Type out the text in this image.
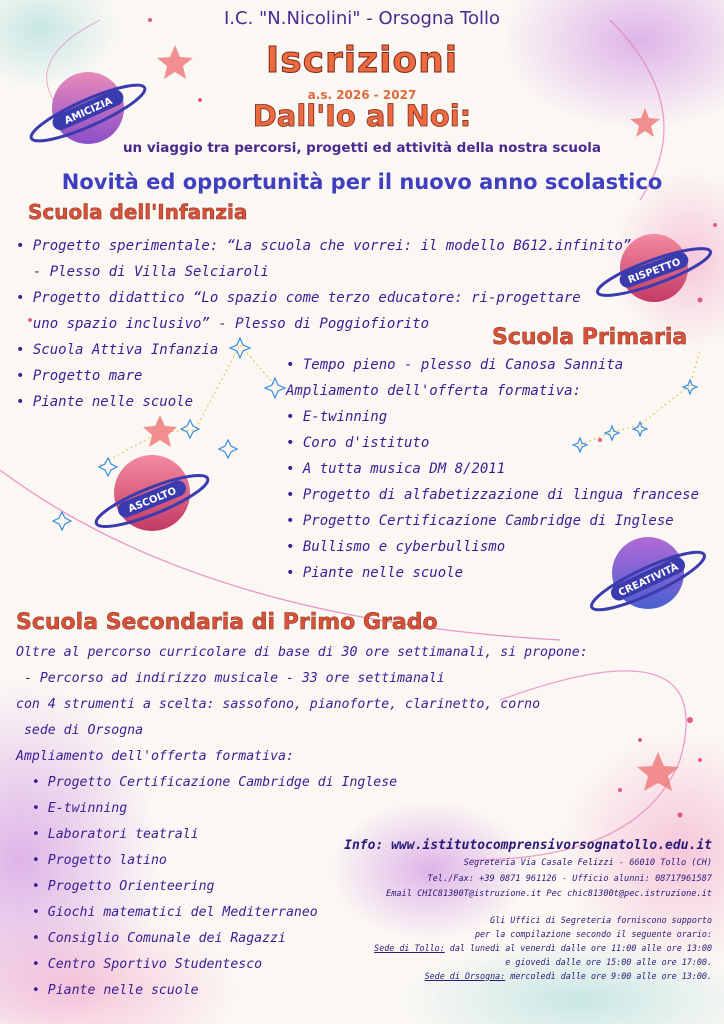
AMICIZIA
RISPETTO
ASCOLTO
CREATIVITÀ
I.C. "N.Nicolini" - Orsogna Tollo
Iscrizioni
a.s. 2026 - 2027
Dall'Io al Noi:
un viaggio tra percorsi, progetti ed attività della nostra scuola
Novità ed opportunità per il nuovo anno scolastico
Scuola dell'Infanzia
• Progetto sperimentale: “La scuola che vorrei: il modello B612.infinito”
- Plesso di Villa Selciaroli
• Progetto didattico “Lo spazio come terzo educatore: ri-progettare
uno spazio inclusivo” - Plesso di Poggiofiorito
• Scuola Attiva Infanzia
• Progetto mare
• Piante nelle scuole
Scuola Primaria
• Tempo pieno - plesso di Canosa Sannita
Ampliamento dell'offerta formativa:
• E-twinning
• Coro d'istituto
• A tutta musica DM 8/2011
• Progetto di alfabetizzazione di lingua francese
• Progetto Certificazione Cambridge di Inglese
• Bullismo e cyberbullismo
• Piante nelle scuole
Scuola Secondaria di Primo Grado
Oltre al percorso curricolare di base di 30 ore settimanali, si propone:
- Percorso ad indirizzo musicale - 33 ore settimanali
con 4 strumenti a scelta: sassofono, pianoforte, clarinetto, corno
sede di Orsogna
Ampliamento dell'offerta formativa:
• Progetto Certificazione Cambridge di Inglese
• E-twinning
• Laboratori teatrali
• Progetto latino
• Progetto Orienteering
• Giochi matematici del Mediterraneo
• Consiglio Comunale dei Ragazzi
• Centro Sportivo Studentesco
• Piante nelle scuole
Info: www.istitutocomprensivorsognatollo.edu.it
Segreteria Via Casale Felizzi - 66010 Tollo (CH)
Tel./Fax: +39 0871 961126 - Ufficio alunni: 08717961587
Email CHIC81300T@istruzione.it Pec chic81300t@pec.istruzione.it
Gli Uffici di Segreteria forniscono supporto
per la compilazione secondo il seguente orario:
Sede di Tollo: dal lunedì al venerdì dalle ore 11:00 alle ore 13:00
e giovedì dalle ore 15:00 alle ore 17:00.
Sede di Orsogna: mercoledì dalle ore 9:00 alle ore 13:00.
